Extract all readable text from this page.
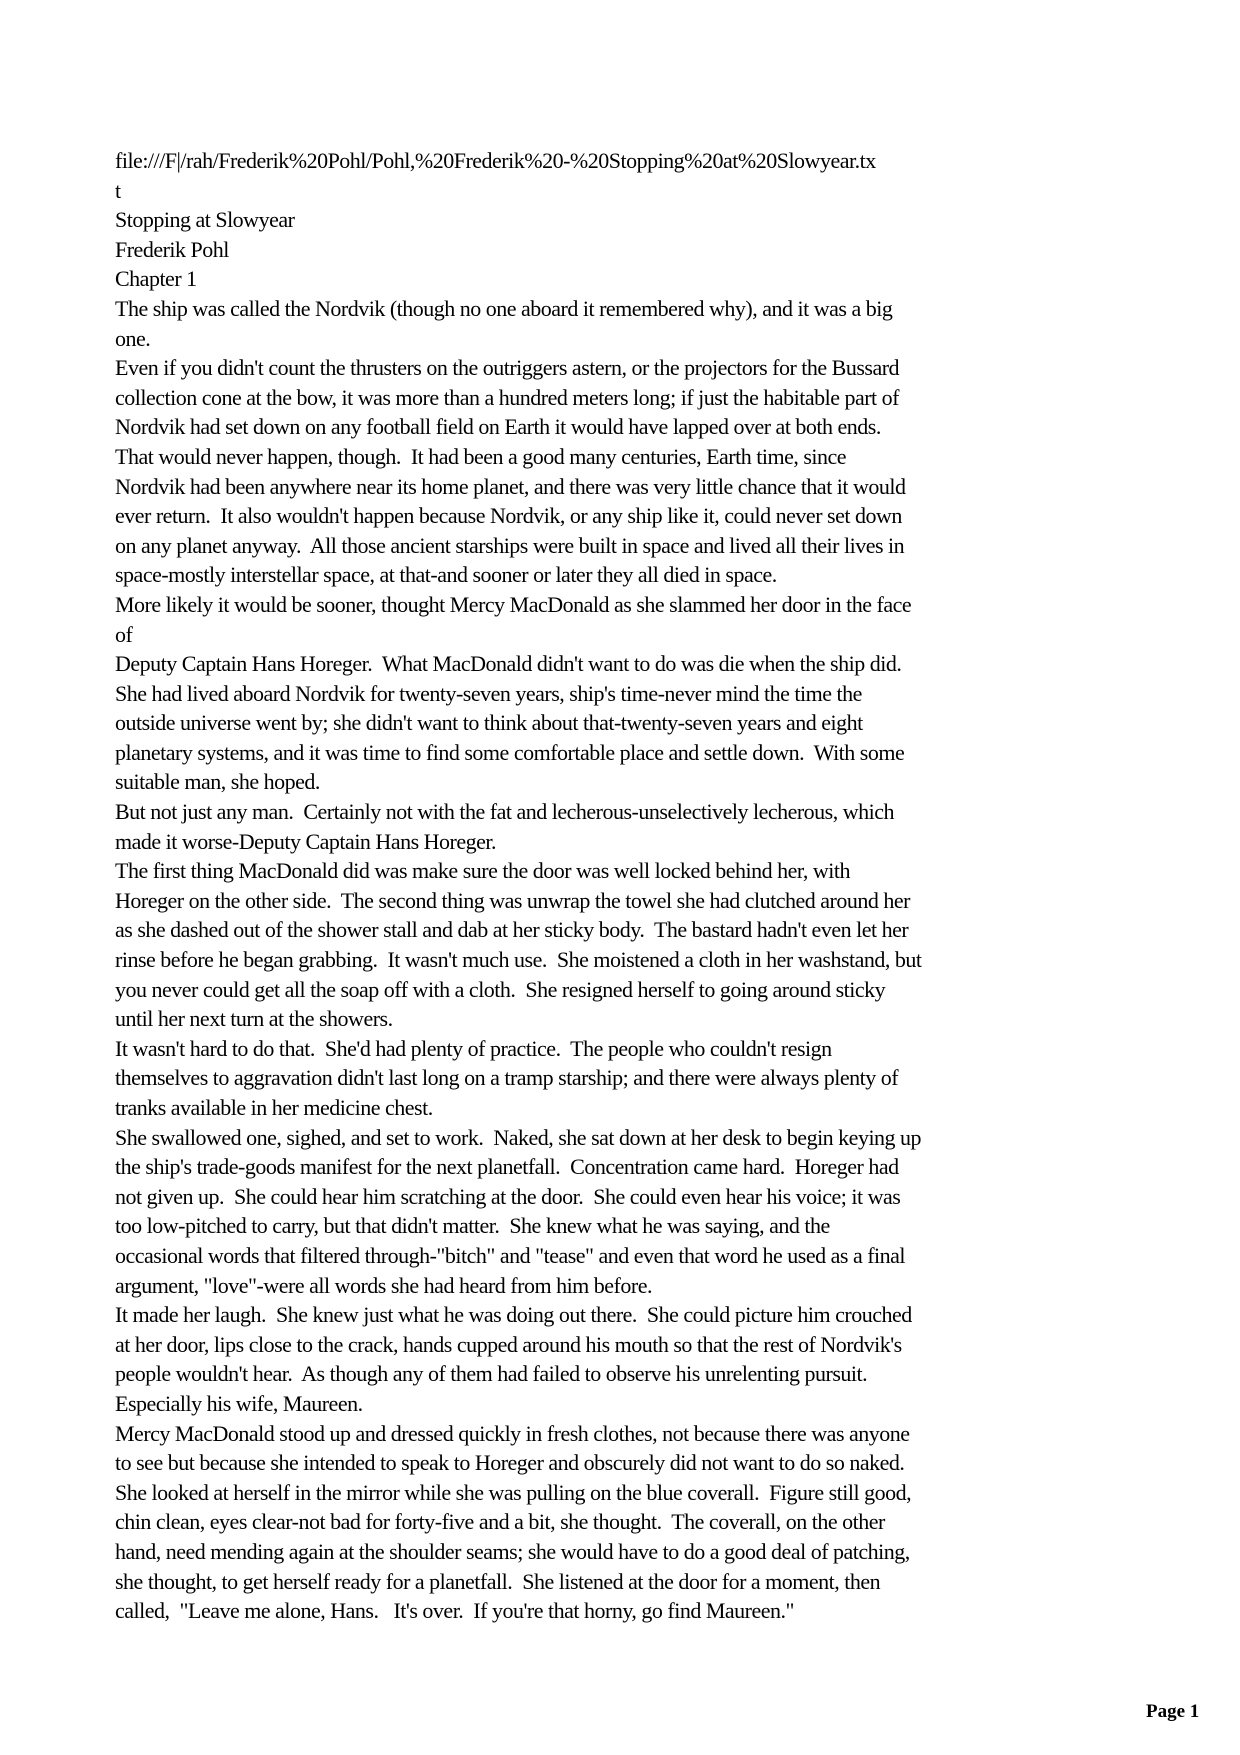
file:///F|/rah/Frederik%20Pohl/Pohl,%20Frederik%20-%20Stopping%20at%20Slowyear.tx
t
Stopping at Slowyear
Frederik Pohl
Chapter 1
The ship was called the Nordvik (though no one aboard it remembered why), and it was a big
one.
Even if you didn't count the thrusters on the outriggers astern, or the projectors for the Bussard
collection cone at the bow, it was more than a hundred meters long; if just the habitable part of
Nordvik had set down on any football field on Earth it would have lapped over at both ends.
That would never happen, though.  It had been a good many centuries, Earth time, since
Nordvik had been anywhere near its home planet, and there was very little chance that it would
ever return.  It also wouldn't happen because Nordvik, or any ship like it, could never set down
on any planet anyway.  All those ancient starships were built in space and lived all their lives in
space-mostly interstellar space, at that-and sooner or later they all died in space.
More likely it would be sooner, thought Mercy MacDonald as she slammed her door in the face
of
Deputy Captain Hans Horeger.  What MacDonald didn't want to do was die when the ship did.
She had lived aboard Nordvik for twenty-seven years, ship's time-never mind the time the
outside universe went by; she didn't want to think about that-twenty-seven years and eight
planetary systems, and it was time to find some comfortable place and settle down.  With some
suitable man, she hoped.
But not just any man.  Certainly not with the fat and lecherous-unselectively lecherous, which
made it worse-Deputy Captain Hans Horeger.
The first thing MacDonald did was make sure the door was well locked behind her, with
Horeger on the other side.  The second thing was unwrap the towel she had clutched around her
as she dashed out of the shower stall and dab at her sticky body.  The bastard hadn't even let her
rinse before he began grabbing.  It wasn't much use.  She moistened a cloth in her washstand, but
you never could get all the soap off with a cloth.  She resigned herself to going around sticky
until her next turn at the showers.
It wasn't hard to do that.  She'd had plenty of practice.  The people who couldn't resign
themselves to aggravation didn't last long on a tramp starship; and there were always plenty of
tranks available in her medicine chest.
She swallowed one, sighed, and set to work.  Naked, she sat down at her desk to begin keying up
the ship's trade-goods manifest for the next planetfall.  Concentration came hard.  Horeger had
not given up.  She could hear him scratching at the door.  She could even hear his voice; it was
too low-pitched to carry, but that didn't matter.  She knew what he was saying, and the
occasional words that filtered through-"bitch" and "tease" and even that word he used as a final
argument, "love"-were all words she had heard from him before.
It made her laugh.  She knew just what he was doing out there.  She could picture him crouched
at her door, lips close to the crack, hands cupped around his mouth so that the rest of Nordvik's
people wouldn't hear.  As though any of them had failed to observe his unrelenting pursuit.
Especially his wife, Maureen.
Mercy MacDonald stood up and dressed quickly in fresh clothes, not because there was anyone
to see but because she intended to speak to Horeger and obscurely did not want to do so naked.
She looked at herself in the mirror while she was pulling on the blue coverall.  Figure still good,
chin clean, eyes clear-not bad for forty-five and a bit, she thought.  The coverall, on the other
hand, need mending again at the shoulder seams; she would have to do a good deal of patching,
she thought, to get herself ready for a planetfall.  She listened at the door for a moment, then
called,  "Leave me alone, Hans.   It's over.  If you're that horny, go find Maureen."
Page 1
